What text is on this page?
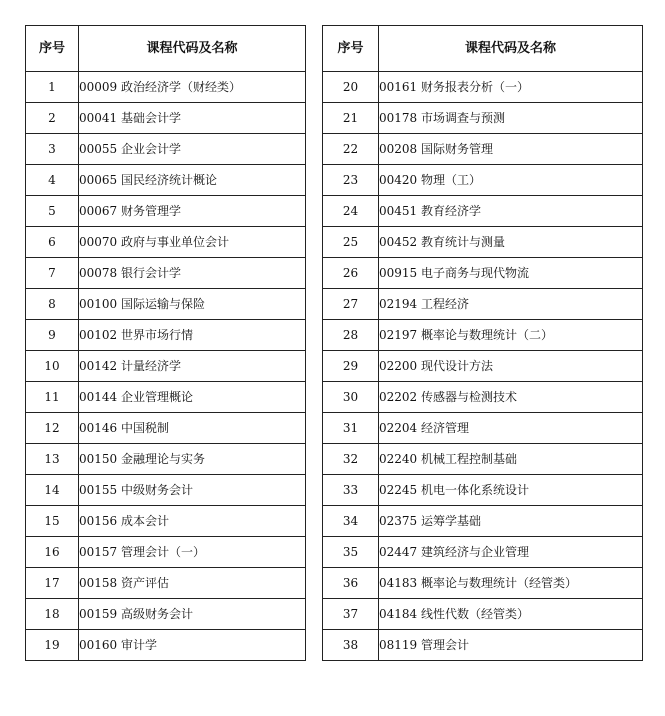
序号	课程代码及名称
1	00009 政治经济学（财经类）
2	00041 基础会计学
3	00055 企业会计学
4	00065 国民经济统计概论
5	00067 财务管理学
6	00070 政府与事业单位会计
7	00078 银行会计学
8	00100 国际运输与保险
9	00102 世界市场行情
10	00142 计量经济学
11	00144 企业管理概论
12	00146 中国税制
13	00150 金融理论与实务
14	00155 中级财务会计
15	00156 成本会计
16	00157 管理会计（一）
17	00158 资产评估
18	00159 高级财务会计
19	00160 审计学
序号	课程代码及名称
20	00161 财务报表分析（一）
21	00178 市场调查与预测
22	00208 国际财务管理
23	00420 物理（工）
24	00451 教育经济学
25	00452 教育统计与测量
26	00915 电子商务与现代物流
27	02194 工程经济
28	02197 概率论与数理统计（二）
29	02200 现代设计方法
30	02202 传感器与检测技术
31	02204 经济管理
32	02240 机械工程控制基础
33	02245 机电一体化系统设计
34	02375 运筹学基础
35	02447 建筑经济与企业管理
36	04183 概率论与数理统计（经管类）
37	04184 线性代数（经管类）
38	08119 管理会计
